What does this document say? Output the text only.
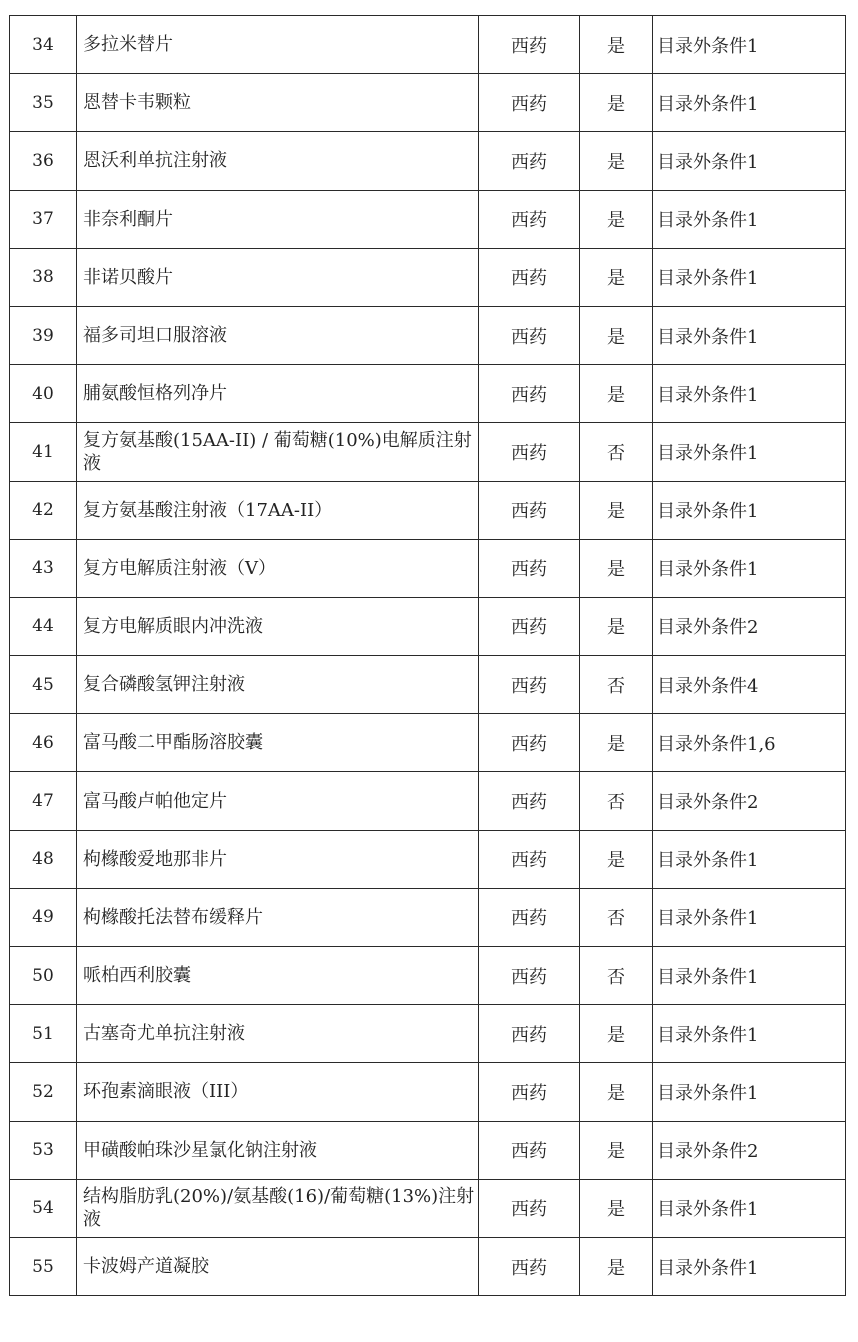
34	多拉米替片	西药	是	目录外条件1
35	恩替卡韦颗粒	西药	是	目录外条件1
36	恩沃利单抗注射液	西药	是	目录外条件1
37	非奈利酮片	西药	是	目录外条件1
38	非诺贝酸片	西药	是	目录外条件1
39	福多司坦口服溶液	西药	是	目录外条件1
40	脯氨酸恒格列净片	西药	是	目录外条件1
41	复方氨基酸(15AA-II) / 葡萄糖(10%)电解质注射液	西药	否	目录外条件1
42	复方氨基酸注射液（17AA-II）	西药	是	目录外条件1
43	复方电解质注射液（V）	西药	是	目录外条件1
44	复方电解质眼内冲洗液	西药	是	目录外条件2
45	复合磷酸氢钾注射液	西药	否	目录外条件4
46	富马酸二甲酯肠溶胶囊	西药	是	目录外条件1,6
47	富马酸卢帕他定片	西药	否	目录外条件2
48	枸橼酸爱地那非片	西药	是	目录外条件1
49	枸橼酸托法替布缓释片	西药	否	目录外条件1
50	哌柏西利胶囊	西药	否	目录外条件1
51	古塞奇尤单抗注射液	西药	是	目录外条件1
52	环孢素滴眼液（III）	西药	是	目录外条件1
53	甲磺酸帕珠沙星氯化钠注射液	西药	是	目录外条件2
54	结构脂肪乳(20%)/氨基酸(16)/葡萄糖(13%)注射液	西药	是	目录外条件1
55	卡波姆产道凝胶	西药	是	目录外条件1
